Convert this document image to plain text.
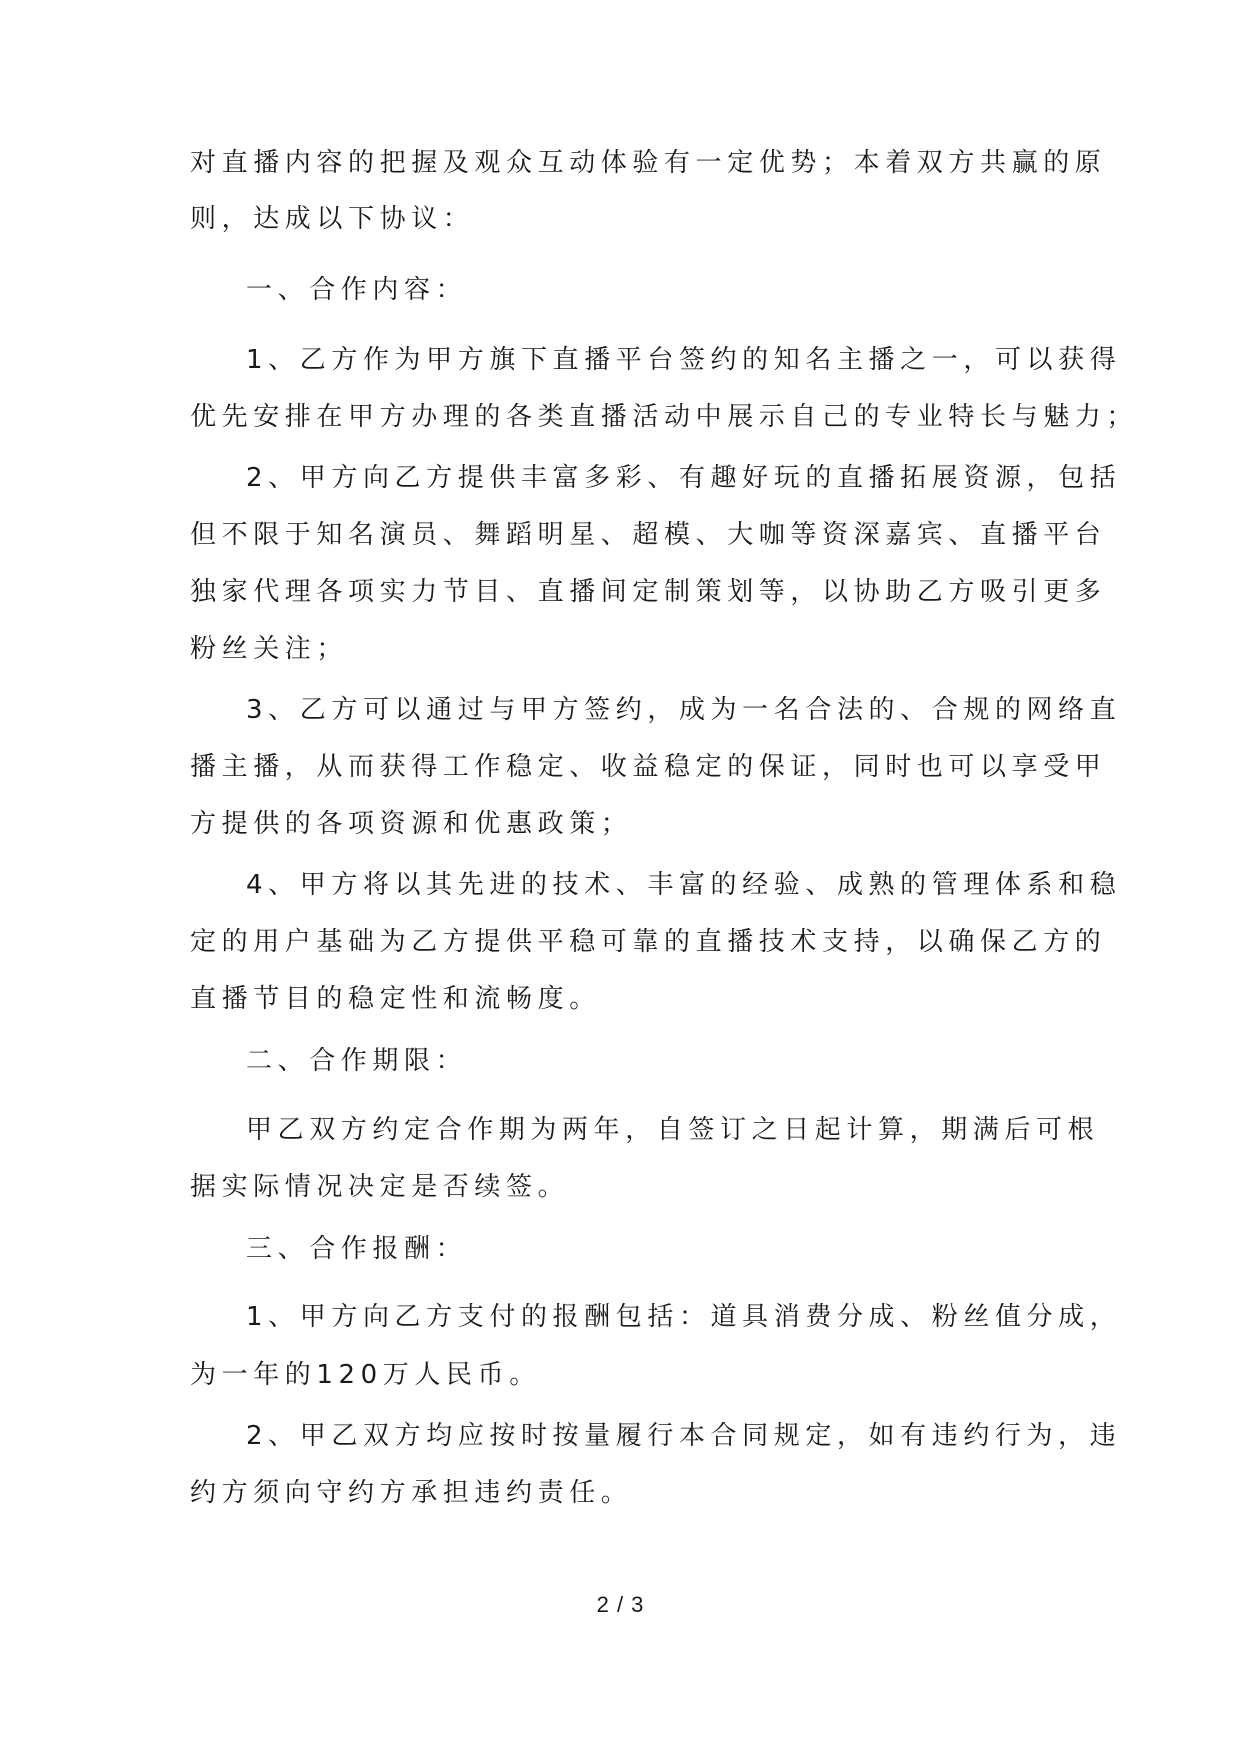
对直播内容的把握及观众互动体验有一定优势；本着双方共赢的原
则，达成以下协议：
一、合作内容：
1、乙方作为甲方旗下直播平台签约的知名主播之一，可以获得
优先安排在甲方办理的各类直播活动中展示自己的专业特长与魅力；
2、甲方向乙方提供丰富多彩、有趣好玩的直播拓展资源，包括
但不限于知名演员、舞蹈明星、超模、大咖等资深嘉宾、直播平台
独家代理各项实力节目、直播间定制策划等，以协助乙方吸引更多
粉丝关注；
3、乙方可以通过与甲方签约，成为一名合法的、合规的网络直
播主播，从而获得工作稳定、收益稳定的保证，同时也可以享受甲
方提供的各项资源和优惠政策；
4、甲方将以其先进的技术、丰富的经验、成熟的管理体系和稳
定的用户基础为乙方提供平稳可靠的直播技术支持，以确保乙方的
直播节目的稳定性和流畅度。
二、合作期限：
甲乙双方约定合作期为两年，自签订之日起计算，期满后可根
据实际情况决定是否续签。
三、合作报酬：
1、甲方向乙方支付的报酬包括：道具消费分成、粉丝值分成，
为一年的120万人民币。
2、甲乙双方均应按时按量履行本合同规定，如有违约行为，违
约方须向守约方承担违约责任。
2 / 3
